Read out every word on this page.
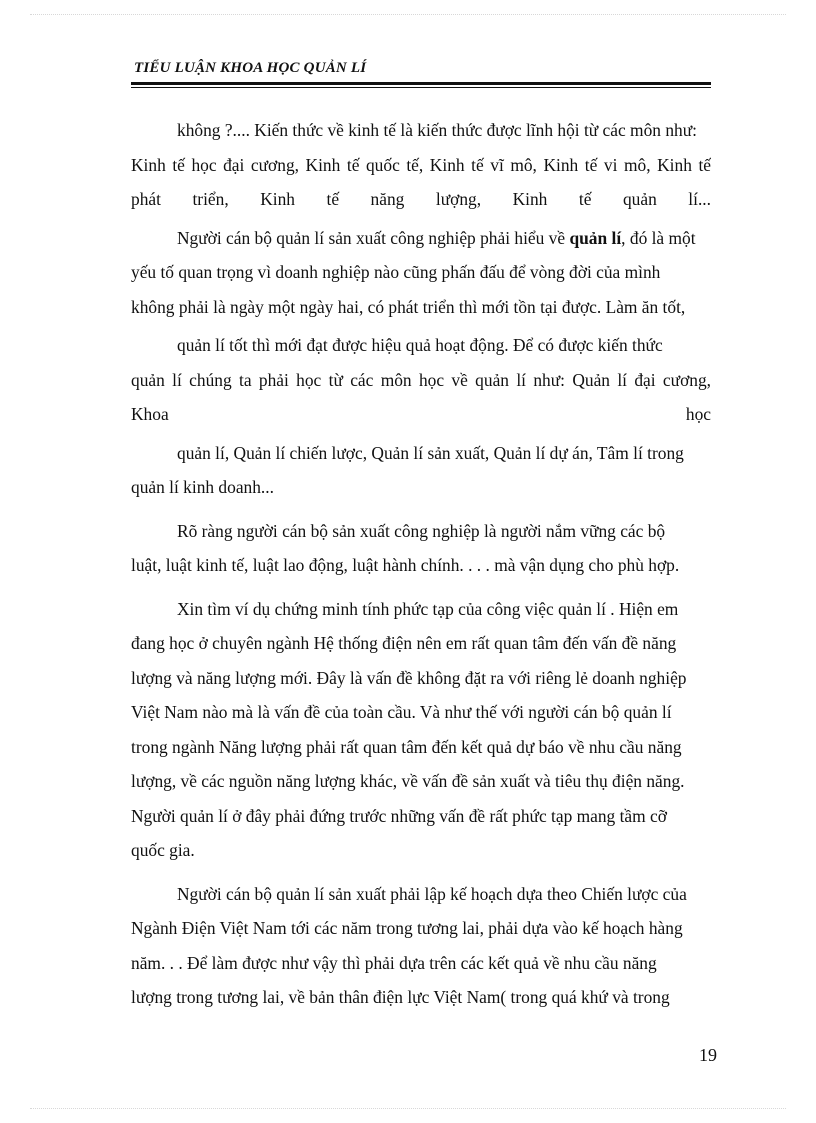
TIỂU LUẬN KHOA HỌC QUẢN LÍ
không ?.... Kiến thức về kinh tế là kiến thức được lĩnh hội từ các môn như:
Kinh tế học đại cương, Kinh tế quốc tế, Kinh tế vĩ mô, Kinh tế vi mô, Kinh tế
phát triển, Kinh tế năng lượng, Kinh tế quản lí...
Người cán bộ quản lí sản xuất công nghiệp phải hiểu về quản lí, đó là một
yếu tố quan trọng vì doanh nghiệp nào cũng phấn đấu để vòng đời của mình
không phải là ngày một ngày hai, có phát triển thì mới tồn tại được. Làm ăn tốt,
quản lí tốt thì mới đạt được hiệu quả hoạt động. Để có được kiến thức
quản lí chúng ta phải học từ các môn học về quản lí như: Quản lí đại cương,
Khoa học
quản lí, Quản lí chiến lược, Quản lí sản xuất, Quản lí dự án, Tâm lí trong
quản lí kinh doanh...
Rõ ràng người cán bộ sản xuất công nghiệp là người nắm vững các bộ
luật, luật kinh tế, luật lao động, luật hành chính. . . . mà vận dụng cho phù hợp.
Xin tìm ví dụ chứng minh tính phức tạp của công việc quản lí . Hiện em
đang học ở chuyên ngành Hệ thống điện nên em rất quan tâm đến vấn đề năng
lượng và năng lượng mới. Đây là vấn đề không đặt ra với riêng lẻ doanh nghiệp
Việt Nam nào mà là vấn đề của toàn cầu. Và như thế với người cán bộ quản lí
trong ngành Năng lượng phải rất quan tâm đến kết quả dự báo về nhu cầu năng
lượng, về các nguồn năng lượng khác, về vấn đề sản xuất và tiêu thụ điện năng.
Người quản lí ở đây phải đứng trước những vấn đề rất phức tạp mang tầm cỡ
quốc gia.
Người cán bộ quản lí sản xuất phải lập kế hoạch dựa theo Chiến lược của
Ngành Điện Việt Nam tới các năm trong tương lai, phải dựa vào kế hoạch hàng
năm. . . Để làm được như vậy thì phải dựa trên các kết quả về nhu cầu năng
lượng trong tương lai, về bản thân điện lực Việt Nam( trong quá khứ và trong
19
